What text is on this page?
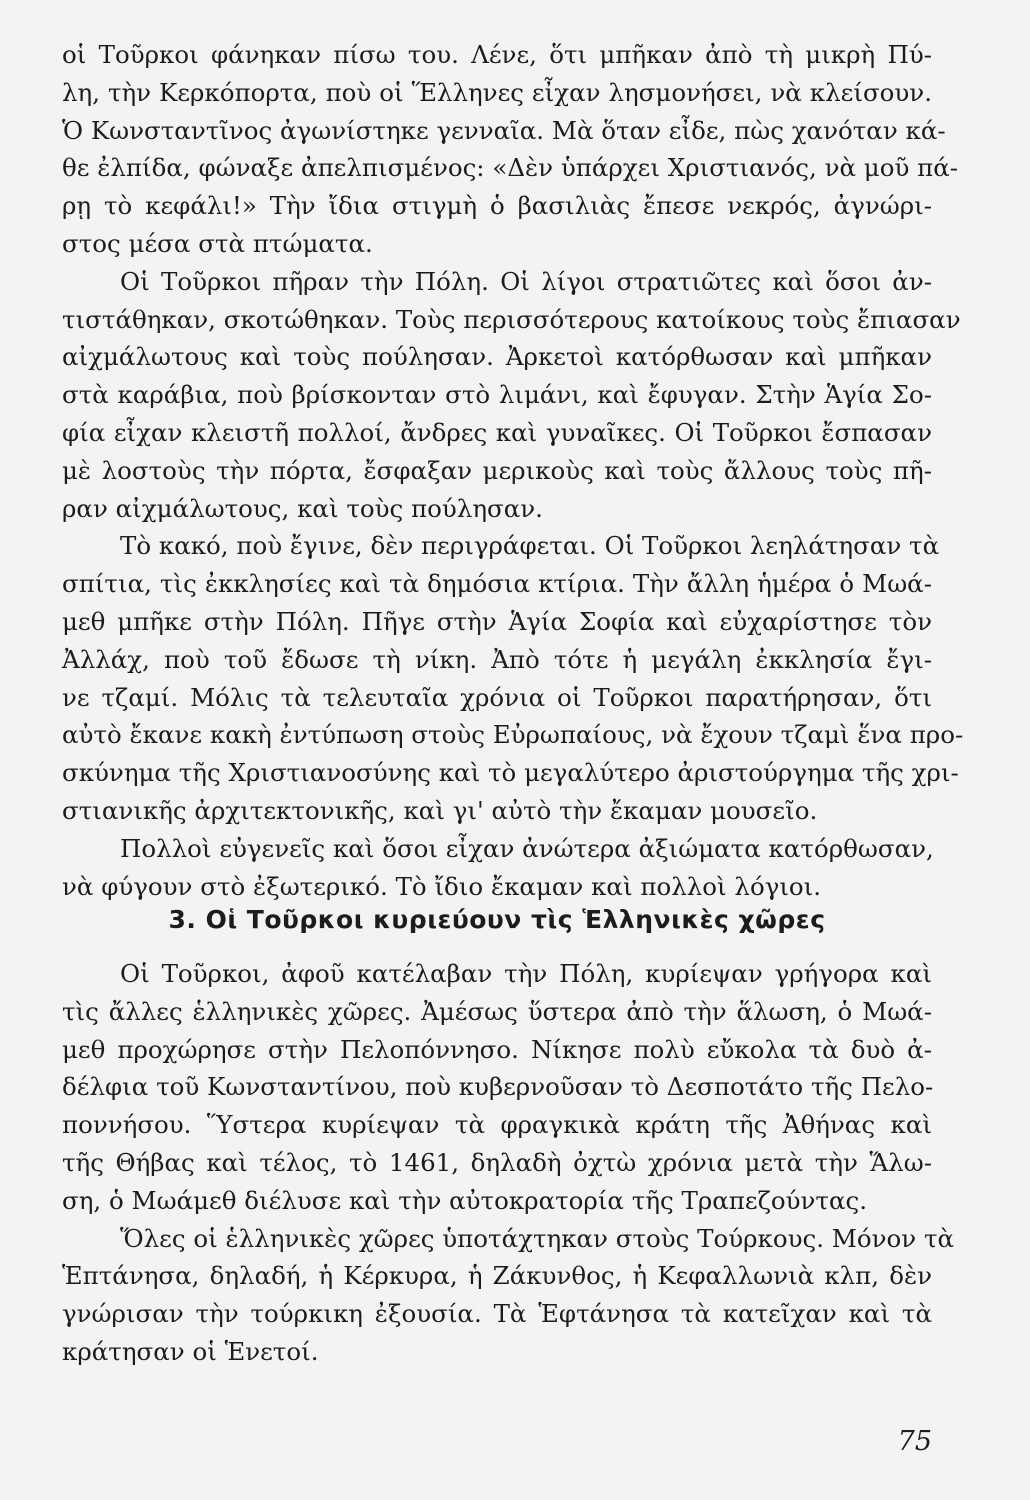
οἱ Τοῦρκοι φάνηκαν πίσω του. Λένε, ὅτι μπῆκαν ἀπὸ τὴ μικρὴ Πύ-
λη, τὴν Κερκόπορτα, ποὺ οἱ Ἕλληνες εἶχαν λησμονήσει, νὰ κλείσουν.
Ὁ Κωνσταντῖνος ἀγωνίστηκε γενναῖα. Μὰ ὅταν εἶδε, πὼς χανόταν κά-
θε ἐλπίδα, φώναξε ἀπελπισμένος: «Δὲν ὑπάρχει Χριστιανός, νὰ μοῦ πά-
ρῃ τὸ κεφάλι!» Τὴν ἴδια στιγμὴ ὁ βασιλιὰς ἔπεσε νεκρός, ἀγνώρι-
στος μέσα στὰ πτώματα.
Οἱ Τοῦρκοι πῆραν τὴν Πόλη. Οἱ λίγοι στρατιῶτες καὶ ὅσοι ἀν-
τιστάθηκαν, σκοτώθηκαν. Τοὺς περισσότερους κατοίκους τοὺς ἔπιασαν
αἰχμάλωτους καὶ τοὺς πούλησαν. Ἀρκετοὶ κατόρθωσαν καὶ μπῆκαν
στὰ καράβια, ποὺ βρίσκονταν στὸ λιμάνι, καὶ ἔφυγαν. Στὴν Ἁγία Σο-
φία εἶχαν κλειστῆ πολλοί, ἄνδρες καὶ γυναῖκες. Οἱ Τοῦρκοι ἔσπασαν
μὲ λοστοὺς τὴν πόρτα, ἔσφαξαν μερικοὺς καὶ τοὺς ἄλλους τοὺς πῆ-
ραν αἰχμάλωτους, καὶ τοὺς πούλησαν.
Τὸ κακό, ποὺ ἔγινε, δὲν περιγράφεται. Οἱ Τοῦρκοι λεηλάτησαν τὰ
σπίτια, τὶς ἐκκλησίες καὶ τὰ δημόσια κτίρια. Τὴν ἄλλη ἡμέρα ὁ Μωά-
μεθ μπῆκε στὴν Πόλη. Πῆγε στὴν Ἁγία Σοφία καὶ εὐχαρίστησε τὸν
Ἀλλάχ, ποὺ τοῦ ἔδωσε τὴ νίκη. Ἀπὸ τότε ἡ μεγάλη ἐκκλησία ἔγι-
νε τζαμί. Μόλις τὰ τελευταῖα χρόνια οἱ Τοῦρκοι παρατήρησαν, ὅτι
αὐτὸ ἔκανε κακὴ ἐντύπωση στοὺς Εὐρωπαίους, νὰ ἔχουν τζαμὶ ἕνα προ-
σκύνημα τῆς Χριστιανοσύνης καὶ τὸ μεγαλύτερο ἀριστούργημα τῆς χρι-
στιανικῆς ἀρχιτεκτονικῆς, καὶ γι' αὐτὸ τὴν ἔκαμαν μουσεῖο.
Πολλοὶ εὐγενεῖς καὶ ὅσοι εἶχαν ἀνώτερα ἀξιώματα κατόρθωσαν,
νὰ φύγουν στὸ ἐξωτερικό. Τὸ ἴδιο ἔκαμαν καὶ πολλοὶ λόγιοι.
3. Οἱ Τοῦρκοι κυριεύουν τὶς Ἑλληνικὲς χῶρες
Οἱ Τοῦρκοι, ἀφοῦ κατέλαβαν τὴν Πόλη, κυρίεψαν γρήγορα καὶ
τὶς ἄλλες ἑλληνικὲς χῶρες. Ἀμέσως ὕστερα ἀπὸ τὴν ἅλωση, ὁ Μωά-
μεθ προχώρησε στὴν Πελοπόννησο. Νίκησε πολὺ εὔκολα τὰ δυὸ ἀ-
δέλφια τοῦ Κωνσταντίνου, ποὺ κυβερνοῦσαν τὸ Δεσποτάτο τῆς Πελο-
ποννήσου. Ὕστερα κυρίεψαν τὰ φραγκικὰ κράτη τῆς Ἀθήνας καὶ
τῆς Θήβας καὶ τέλος, τὸ 1461, δηλαδὴ ὀχτὼ χρόνια μετὰ τὴν Ἅλω-
ση, ὁ Μωάμεθ διέλυσε καὶ τὴν αὐτοκρατορία τῆς Τραπεζούντας.
Ὅλες οἱ ἑλληνικὲς χῶρες ὑποτάχτηκαν στοὺς Τούρκους. Μόνον τὰ
Ἑπτάνησα, δηλαδή, ἡ Κέρκυρα, ἡ Ζάκυνθος, ἡ Κεφαλλωνιὰ κλπ, δὲν
γνώρισαν τὴν τούρκικη ἐξουσία. Τὰ Ἑφτάνησα τὰ κατεῖχαν καὶ τὰ
κράτησαν οἱ Ἑνετοί.
75
